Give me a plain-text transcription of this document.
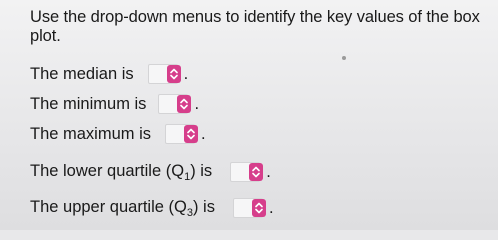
Use the drop-down menus to identify the key values of the box plot.
The median is	.
The minimum is	.
The maximum is	.
The lower quartile $(Q_1)$ is	.
The upper quartile $(Q_3)$ is	.
